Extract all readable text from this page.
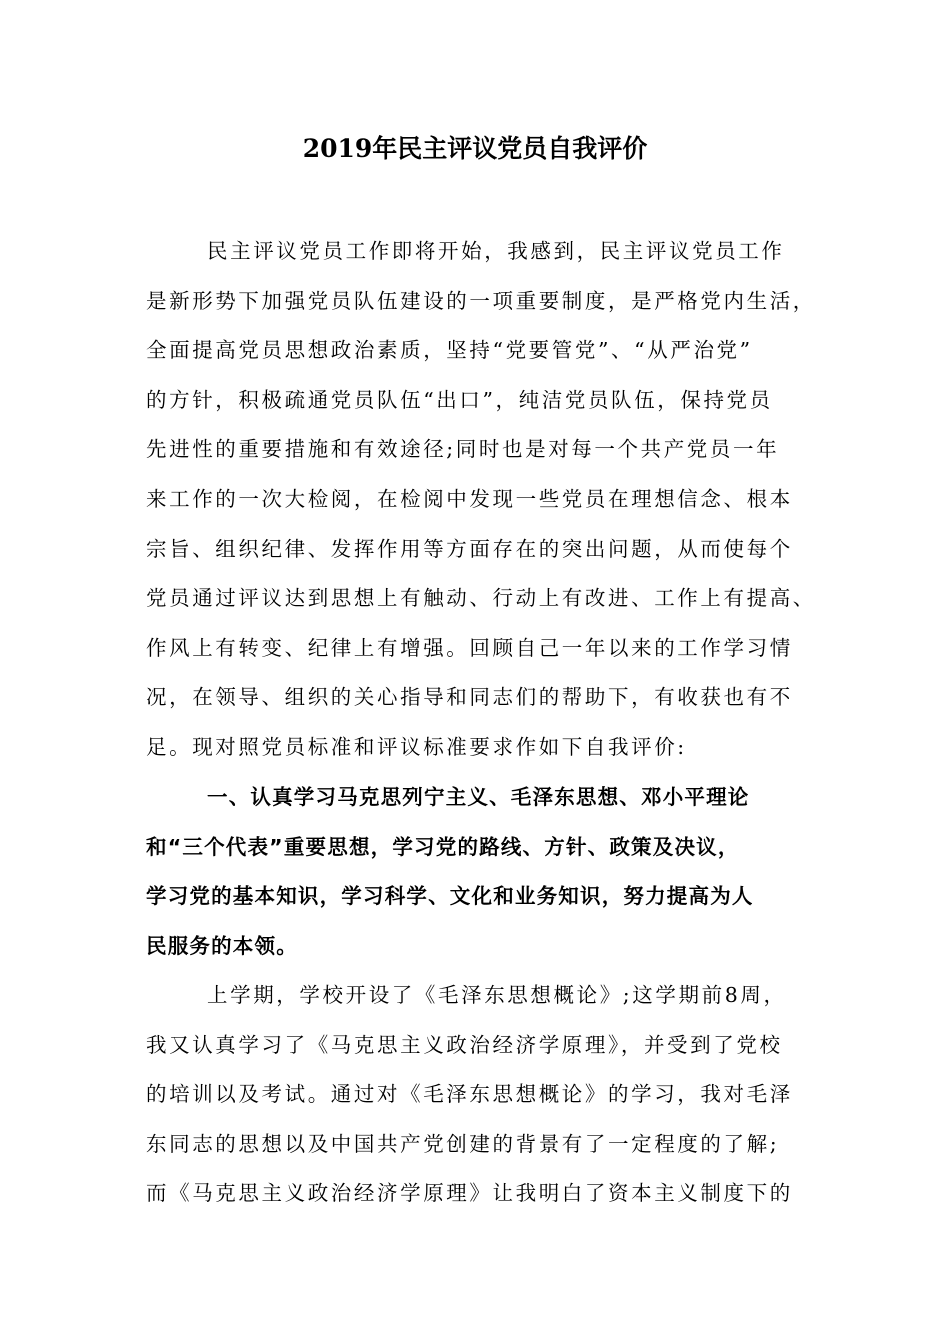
2019年民主评议党员自我评价
民主评议党员工作即将开始，我感到，民主评议党员工作
是新形势下加强党员队伍建设的一项重要制度，是严格党内生活，
全面提高党员思想政治素质，坚持“党要管党”、“从严治党”
的方针，积极疏通党员队伍“出口”，纯洁党员队伍，保持党员
先进性的重要措施和有效途径;同时也是对每一个共产党员一年
来工作的一次大检阅，在检阅中发现一些党员在理想信念、根本
宗旨、组织纪律、发挥作用等方面存在的突出问题，从而使每个
党员通过评议达到思想上有触动、行动上有改进、工作上有提高、
作风上有转变、纪律上有增强。回顾自己一年以来的工作学习情
况，在领导、组织的关心指导和同志们的帮助下，有收获也有不
足。现对照党员标准和评议标准要求作如下自我评价:
一、认真学习马克思列宁主义、毛泽东思想、邓小平理论
和“三个代表”重要思想，学习党的路线、方针、政策及决议，
学习党的基本知识，学习科学、文化和业务知识，努力提高为人
民服务的本领。
上学期，学校开设了《毛泽东思想概论》;这学期前8周，
我又认真学习了《马克思主义政治经济学原理》，并受到了党校
的培训以及考试。通过对《毛泽东思想概论》的学习，我对毛泽
东同志的思想以及中国共产党创建的背景有了一定程度的了解;
而《马克思主义政治经济学原理》让我明白了资本主义制度下的
